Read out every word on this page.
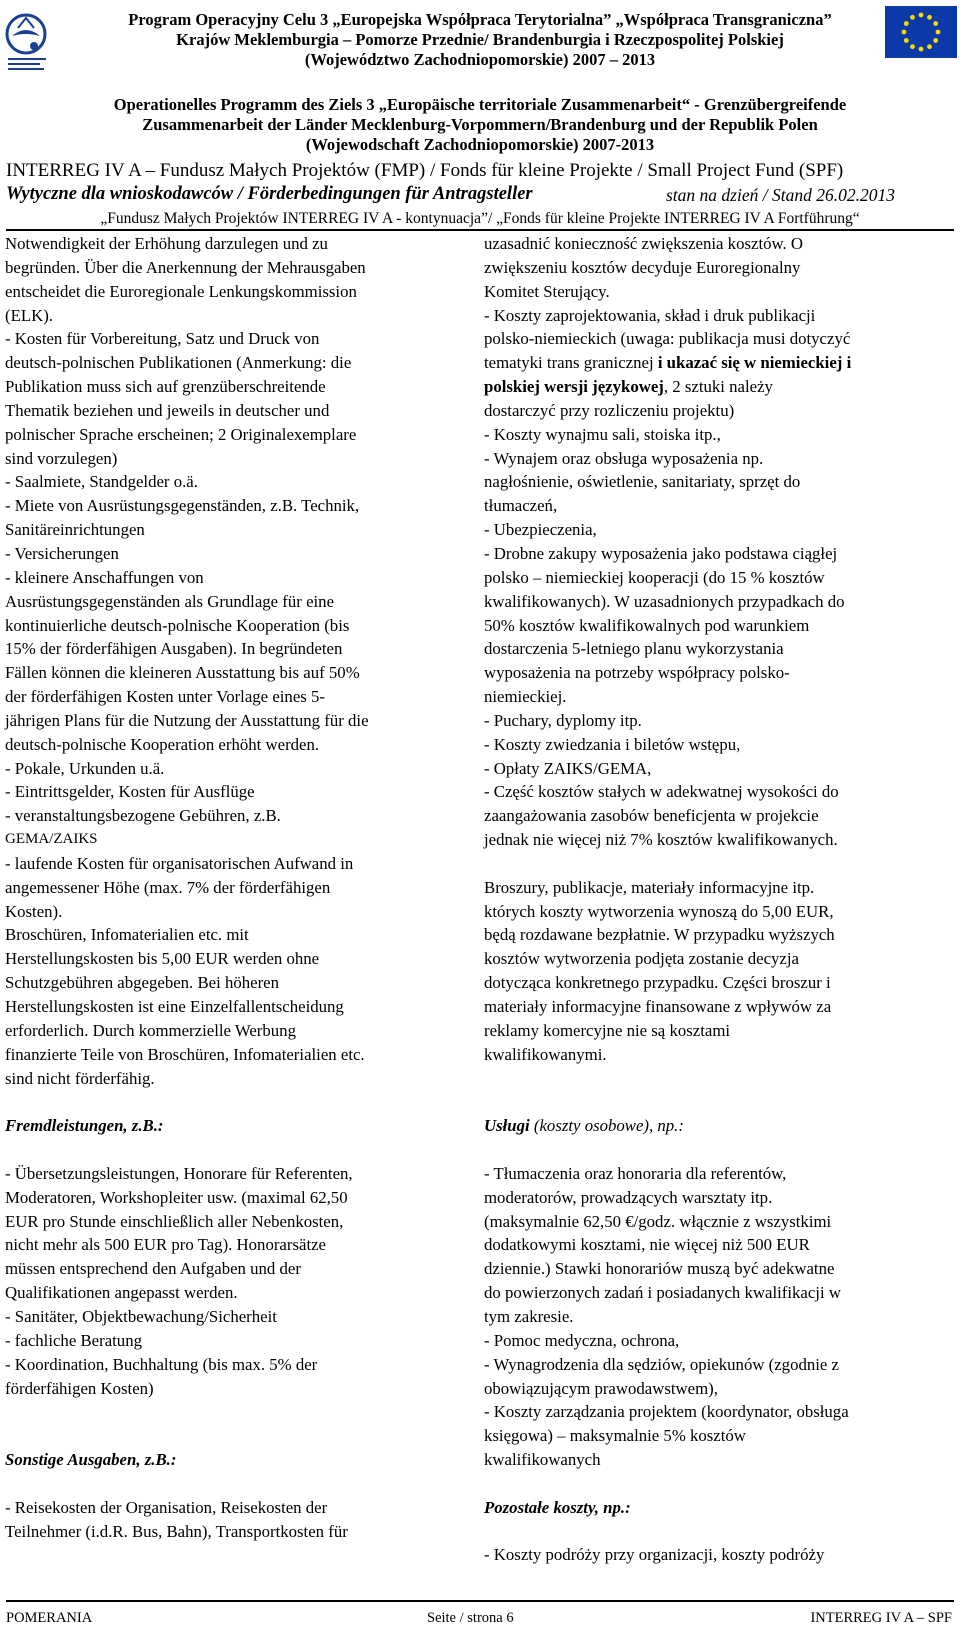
Program Operacyjny Celu 3 „Europejska Współpraca Terytorialna” „Współpraca Transgraniczna”
Krajów Meklemburgia – Pomorze Przednie/ Brandenburgia i Rzeczpospolitej Polskiej
(Województwo Zachodniopomorskie) 2007 – 2013
Operationelles Programm des Ziels 3 „Europäische territoriale Zusammenarbeit“ - Grenzübergreifende
Zusammenarbeit der Länder Mecklenburg-Vorpommern/Brandenburg und der Republik Polen
(Wojewodschaft Zachodniopomorskie) 2007-2013
INTERREG IV A – Fundusz Małych Projektów (FMP) / Fonds für kleine Projekte / Small Project Fund (SPF)
Wytyczne dla wnioskodawców / Förderbedingungen für Antragsteller	stan na dzień / Stand 26.02.2013
„Fundusz Małych Projektów INTERREG IV A - kontynuacja”/ „Fonds für kleine Projekte INTERREG IV A Fortführung“
Notwendigkeit der Erhöhung darzulegen und zu
begründen. Über die Anerkennung der Mehrausgaben
entscheidet die Euroregionale Lenkungskommission
(ELK).
- Kosten für Vorbereitung, Satz und Druck von
deutsch-polnischen Publikationen (Anmerkung: die
Publikation muss sich auf grenzüberschreitende
Thematik beziehen und jeweils in deutscher und
polnischer Sprache erscheinen; 2 Originalexemplare
sind vorzulegen)
- Saalmiete, Standgelder o.ä.
- Miete von Ausrüstungsgegenständen, z.B. Technik,
Sanitäreinrichtungen
- Versicherungen
- kleinere Anschaffungen von
Ausrüstungsgegenständen als Grundlage für eine
kontinuierliche deutsch-polnische Kooperation (bis
15% der förderfähigen Ausgaben). In begründeten
Fällen können die kleineren Ausstattung bis auf 50%
der förderfähigen Kosten unter Vorlage eines 5-
jährigen Plans für die Nutzung der Ausstattung für die
deutsch-polnische Kooperation erhöht werden.
- Pokale, Urkunden u.ä.
- Eintrittsgelder, Kosten für Ausflüge
- veranstaltungsbezogene Gebühren, z.B.
GEMA/ZAIKS
- laufende Kosten für organisatorischen Aufwand in
angemessener Höhe (max. 7% der förderfähigen
Kosten).
Broschüren, Infomaterialien etc. mit
Herstellungskosten bis 5,00 EUR werden ohne
Schutzgebühren abgegeben. Bei höheren
Herstellungskosten ist eine Einzelfallentscheidung
erforderlich. Durch kommerzielle Werbung
finanzierte Teile von Broschüren, Infomaterialien etc.
sind nicht förderfähig.
Fremdleistungen, z.B.:
- Übersetzungsleistungen, Honorare für Referenten,
Moderatoren, Workshopleiter usw. (maximal 62,50
EUR pro Stunde einschließlich aller Nebenkosten,
nicht mehr als 500 EUR pro Tag). Honorarsätze
müssen entsprechend den Aufgaben und der
Qualifikationen angepasst werden.
- Sanitäter, Objektbewachung/Sicherheit
- fachliche Beratung
- Koordination, Buchhaltung (bis max. 5% der
förderfähigen Kosten)
Sonstige Ausgaben, z.B.:
- Reisekosten der Organisation, Reisekosten der
Teilnehmer (i.d.R. Bus, Bahn), Transportkosten für
uzasadnić konieczność zwiększenia kosztów. O
zwiększeniu kosztów decyduje Euroregionalny
Komitet Sterujący.
- Koszty zaprojektowania, skład i druk publikacji
polsko-niemieckich (uwaga: publikacja musi dotyczyć
tematyki trans granicznej i ukazać się w niemieckiej i
polskiej wersji językowej, 2 sztuki należy
dostarczyć przy rozliczeniu projektu)
- Koszty wynajmu sali, stoiska itp.,
- Wynajem oraz obsługa wyposażenia np.
nagłośnienie, oświetlenie, sanitariaty, sprzęt do
tłumaczeń,
- Ubezpieczenia,
- Drobne zakupy wyposażenia jako podstawa ciągłej
polsko – niemieckiej kooperacji (do 15 % kosztów
kwalifikowanych). W uzasadnionych przypadkach do
50% kosztów kwalifikowalnych pod warunkiem
dostarczenia 5-letniego planu wykorzystania
wyposażenia na potrzeby współpracy polsko-
niemieckiej.
- Puchary, dyplomy itp.
- Koszty zwiedzania i biletów wstępu,
- Opłaty ZAIKS/GEMA,
- Część kosztów stałych w adekwatnej wysokości do
zaangażowania zasobów beneficjenta w projekcie
jednak nie więcej niż 7% kosztów kwalifikowanych.
Broszury, publikacje, materiały informacyjne itp.
których koszty wytworzenia wynoszą do 5,00 EUR,
będą rozdawane bezpłatnie. W przypadku wyższych
kosztów wytworzenia podjęta zostanie decyzja
dotycząca konkretnego przypadku. Części broszur i
materiały informacyjne finansowane z wpływów za
reklamy komercyjne nie są kosztami
kwalifikowanymi.
Usługi (koszty osobowe), np.:
- Tłumaczenia oraz honoraria dla referentów,
moderatorów, prowadzących warsztaty itp.
(maksymalnie 62,50 €/godz. włącznie z wszystkimi
dodatkowymi kosztami, nie więcej niż 500 EUR
dziennie.) Stawki honorariów muszą być adekwatne
do powierzonych zadań i posiadanych kwalifikacji w
tym zakresie.
- Pomoc medyczna, ochrona,
- Wynagrodzenia dla sędziów, opiekunów (zgodnie z
obowiązującym prawodawstwem),
- Koszty zarządzania projektem (koordynator, obsługa
księgowa) – maksymalnie 5% kosztów
kwalifikowanych
Pozostałe koszty, np.:
- Koszty podróży przy organizacji, koszty podróży
POMERANIA	Seite / strona 6	INTERREG IV A – SPF
